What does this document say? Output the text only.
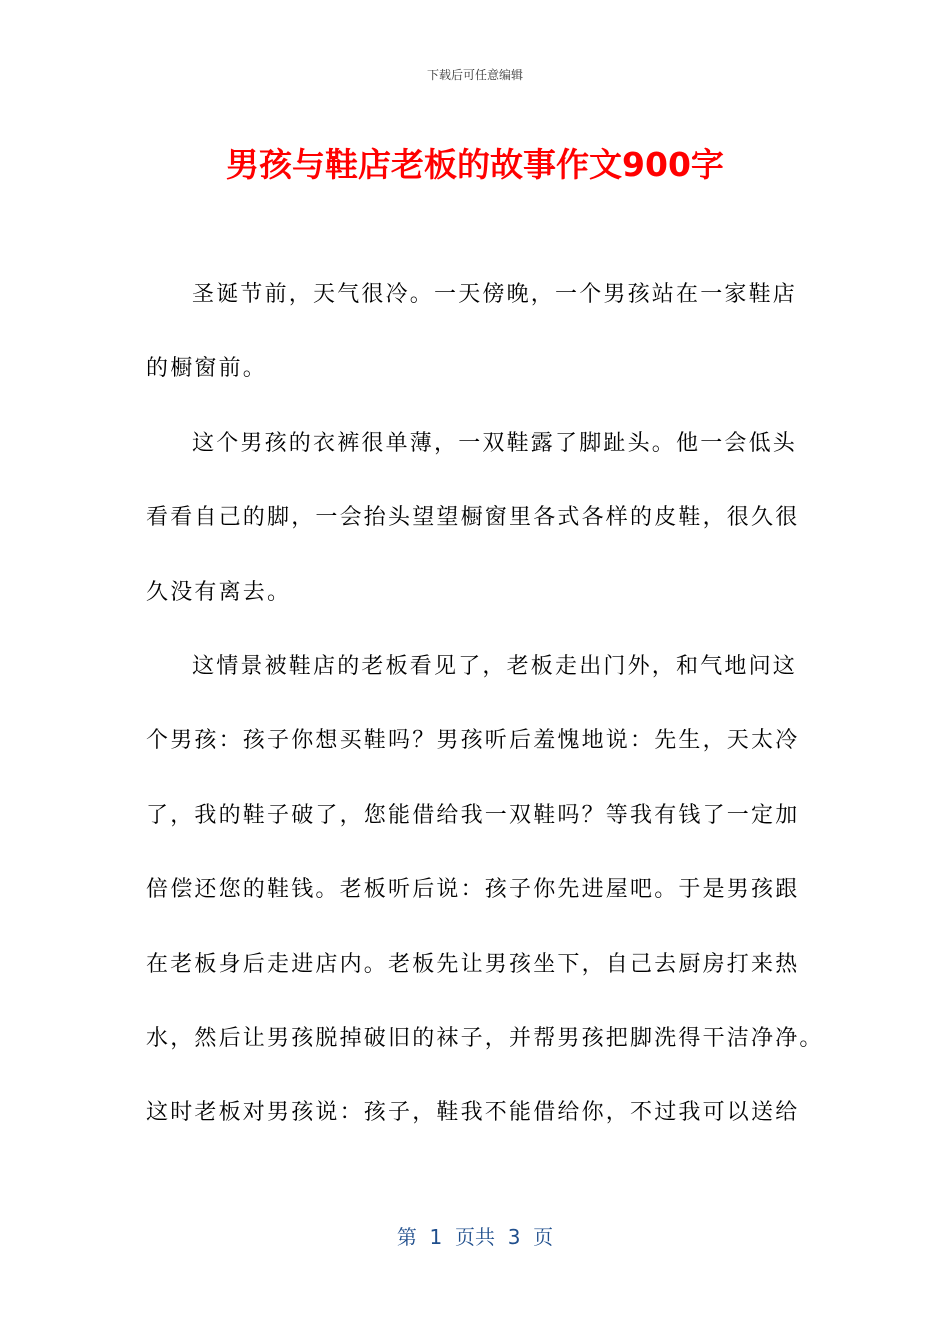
下载后可任意编辑
男孩与鞋店老板的故事作文900字

圣诞节前，天气很冷。一天傍晚，一个男孩站在一家鞋店
的橱窗前。

这个男孩的衣裤很单薄，一双鞋露了脚趾头。他一会低头
看看自己的脚，一会抬头望望橱窗里各式各样的皮鞋，很久很
久没有离去。

这情景被鞋店的老板看见了，老板走出门外，和气地问这
个男孩：孩子你想买鞋吗？男孩听后羞愧地说：先生，天太冷
了，我的鞋子破了，您能借给我一双鞋吗？等我有钱了一定加
倍偿还您的鞋钱。老板听后说：孩子你先进屋吧。于是男孩跟
在老板身后走进店内。老板先让男孩坐下，自己去厨房打来热
水，然后让男孩脱掉破旧的袜子，并帮男孩把脚洗得干洁净净。
这时老板对男孩说：孩子，鞋我不能借给你，不过我可以送给

第  1  页共  3  页
